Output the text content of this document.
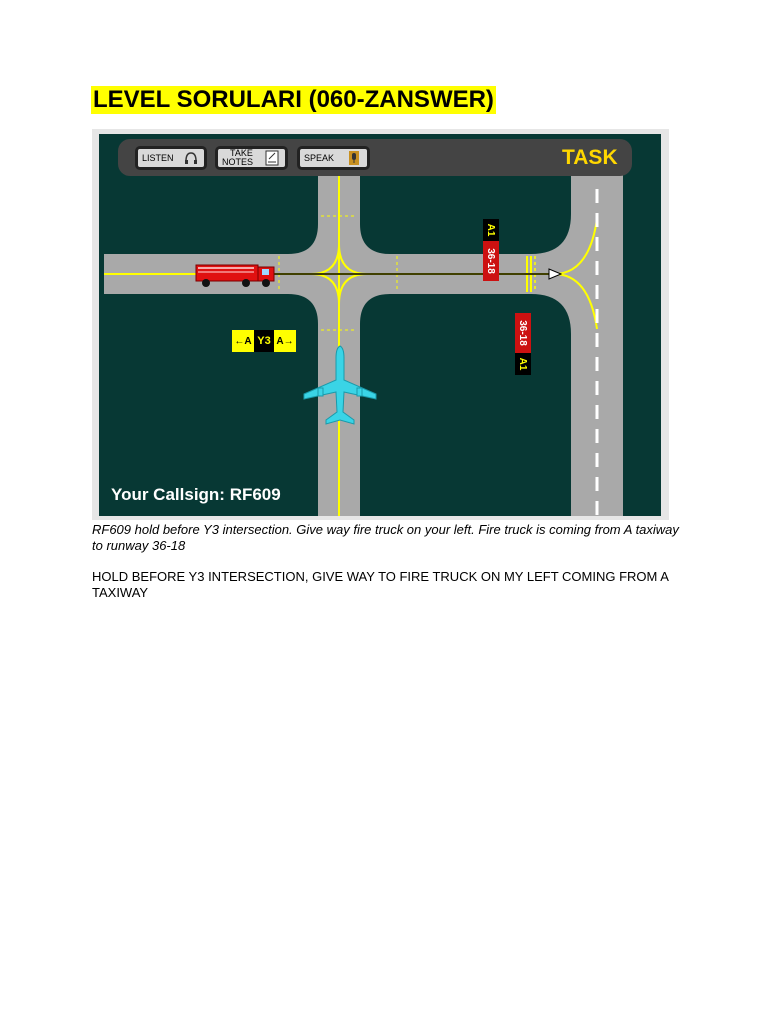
LEVEL SORULARI (060-ZANSWER)
←A Y3 A→
A1
36-18
36-18
A1
LISTEN	TAKE
NOTES	SPEAK	TASK
Your Callsign: RF609
RF609 hold before Y3 intersection. Give way fire truck on your left. Fire truck is coming from A taxiway to runway 36-18
HOLD BEFORE Y3 INTERSECTION, GIVE WAY TO FIRE TRUCK ON MY LEFT COMING FROM A TAXIWAY
